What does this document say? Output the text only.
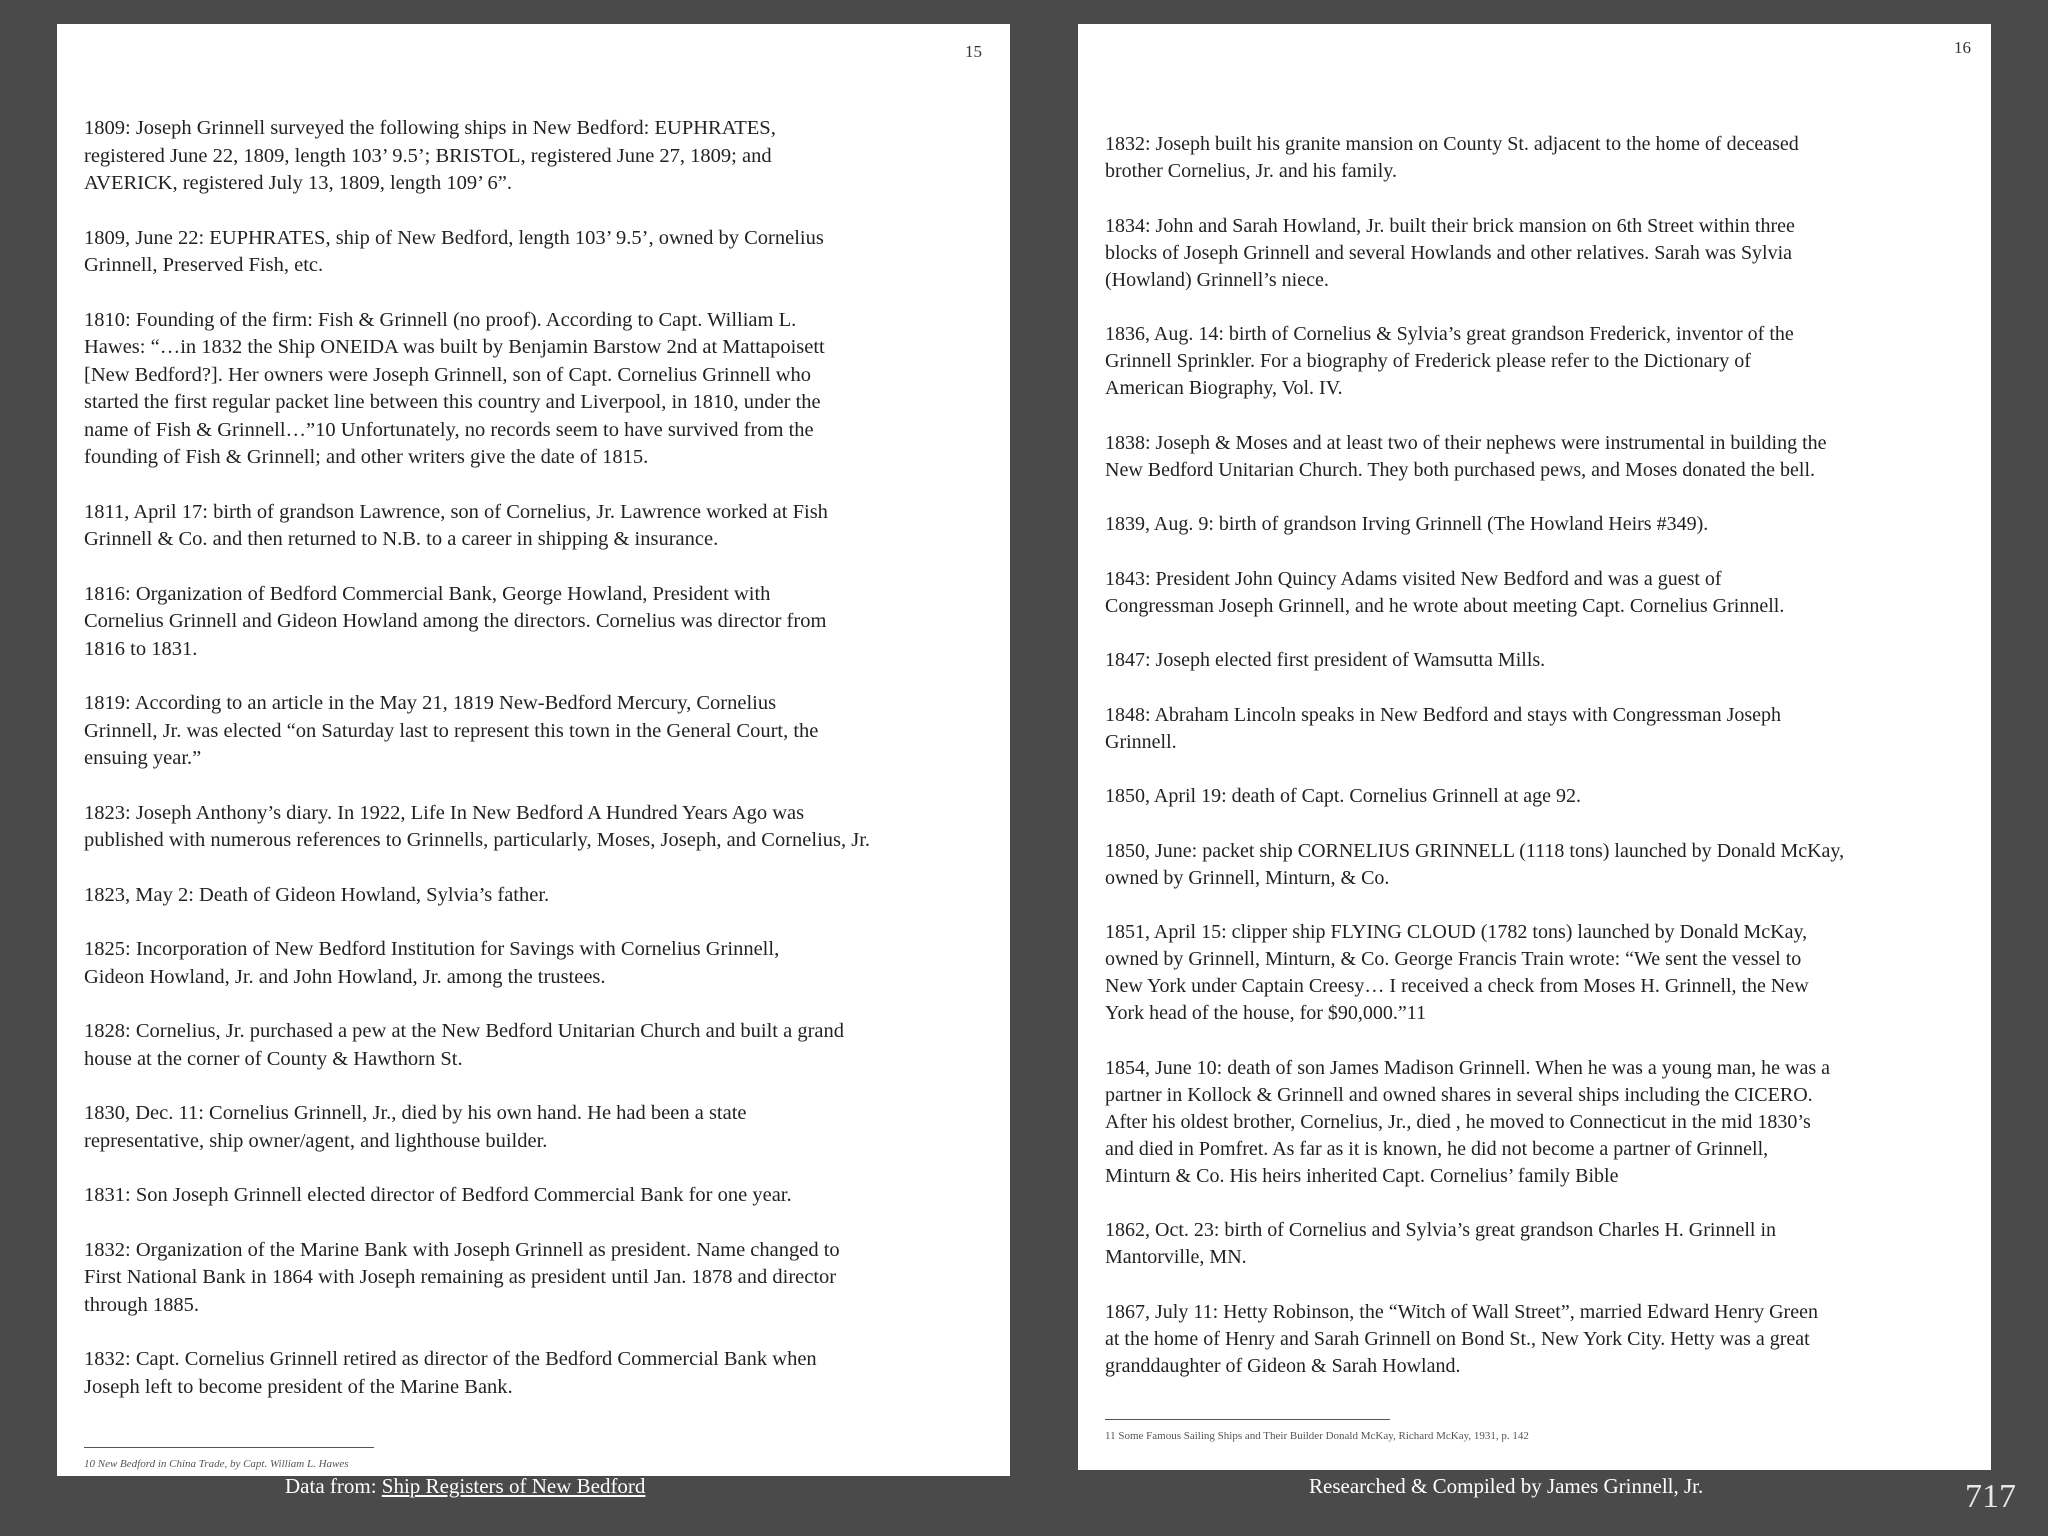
15

1809: Joseph Grinnell surveyed the following ships in New Bedford: EUPHRATES,
registered June 22, 1809, length 103’ 9.5’; BRISTOL, registered June 27, 1809; and
AVERICK, registered July 13, 1809, length 109’ 6”.

1809, June 22: EUPHRATES, ship of New Bedford, length 103’ 9.5’, owned by Cornelius
Grinnell, Preserved Fish, etc.

1810: Founding of the firm: Fish & Grinnell (no proof). According to Capt. William L.
Hawes: “…in 1832 the Ship ONEIDA was built by Benjamin Barstow 2nd at Mattapoisett
[New Bedford?]. Her owners were Joseph Grinnell, son of Capt. Cornelius Grinnell who
started the first regular packet line between this country and Liverpool, in 1810, under the
name of Fish & Grinnell…”10 Unfortunately, no records seem to have survived from the
founding of Fish & Grinnell; and other writers give the date of 1815.

1811, April 17: birth of grandson Lawrence, son of Cornelius, Jr. Lawrence worked at Fish
Grinnell & Co. and then returned to N.B. to a career in shipping & insurance.

1816: Organization of Bedford Commercial Bank, George Howland, President with
Cornelius Grinnell and Gideon Howland among the directors. Cornelius was director from
1816 to 1831.

1819: According to an article in the May 21, 1819 New-Bedford Mercury, Cornelius
Grinnell, Jr. was elected “on Saturday last to represent this town in the General Court, the
ensuing year.”

1823: Joseph Anthony’s diary. In 1922, Life In New Bedford A Hundred Years Ago was
published with numerous references to Grinnells, particularly, Moses, Joseph, and Cornelius, Jr.

1823, May 2: Death of Gideon Howland, Sylvia’s father.

1825: Incorporation of New Bedford Institution for Savings with Cornelius Grinnell,
Gideon Howland, Jr. and John Howland, Jr. among the trustees.

1828: Cornelius, Jr. purchased a pew at the New Bedford Unitarian Church and built a grand
house at the corner of County & Hawthorn St.

1830, Dec. 11: Cornelius Grinnell, Jr., died by his own hand. He had been a state
representative, ship owner/agent, and lighthouse builder.

1831: Son Joseph Grinnell elected director of Bedford Commercial Bank for one year.

1832: Organization of the Marine Bank with Joseph Grinnell as president. Name changed to
First National Bank in 1864 with Joseph remaining as president until Jan. 1878 and director
through 1885.

1832: Capt. Cornelius Grinnell retired as director of the Bedford Commercial Bank when
Joseph left to become president of the Marine Bank.

10 New Bedford in China Trade, by Capt. William L. Hawes
16

1832: Joseph built his granite mansion on County St. adjacent to the home of deceased
brother Cornelius, Jr. and his family.

1834: John and Sarah Howland, Jr. built their brick mansion on 6th Street within three
blocks of Joseph Grinnell and several Howlands and other relatives. Sarah was Sylvia
(Howland) Grinnell’s niece.

1836, Aug. 14: birth of Cornelius & Sylvia’s great grandson Frederick, inventor of the
Grinnell Sprinkler. For a biography of Frederick please refer to the Dictionary of
American Biography, Vol. IV.

1838: Joseph & Moses and at least two of their nephews were instrumental in building the
New Bedford Unitarian Church. They both purchased pews, and Moses donated the bell.

1839, Aug. 9: birth of grandson Irving Grinnell (The Howland Heirs #349).

1843: President John Quincy Adams visited New Bedford and was a guest of
Congressman Joseph Grinnell, and he wrote about meeting Capt. Cornelius Grinnell.

1847: Joseph elected first president of Wamsutta Mills.

1848: Abraham Lincoln speaks in New Bedford and stays with Congressman Joseph
Grinnell.

1850, April 19: death of Capt. Cornelius Grinnell at age 92.

1850, June: packet ship CORNELIUS GRINNELL (1118 tons) launched by Donald McKay,
owned by Grinnell, Minturn, & Co.

1851, April 15: clipper ship FLYING CLOUD (1782 tons) launched by Donald McKay,
owned by Grinnell, Minturn, & Co. George Francis Train wrote: “We sent the vessel to
New York under Captain Creesy… I received a check from Moses H. Grinnell, the New
York head of the house, for $90,000.”11

1854, June 10: death of son James Madison Grinnell. When he was a young man, he was a
partner in Kollock & Grinnell and owned shares in several ships including the CICERO.
After his oldest brother, Cornelius, Jr., died , he moved to Connecticut in the mid 1830’s
and died in Pomfret. As far as it is known, he did not become a partner of Grinnell,
Minturn & Co. His heirs inherited Capt. Cornelius’ family Bible

1862, Oct. 23: birth of Cornelius and Sylvia’s great grandson Charles H. Grinnell in
Mantorville, MN.

1867, July 11: Hetty Robinson, the “Witch of Wall Street”, married Edward Henry Green
at the home of Henry and Sarah Grinnell on Bond St., New York City. Hetty was a great
granddaughter of Gideon & Sarah Howland.

11 Some Famous Sailing Ships and Their Builder Donald McKay, Richard McKay, 1931, p. 142
Data from: Ship Registers of New Bedford	Researched & Compiled by James Grinnell, Jr.	717
